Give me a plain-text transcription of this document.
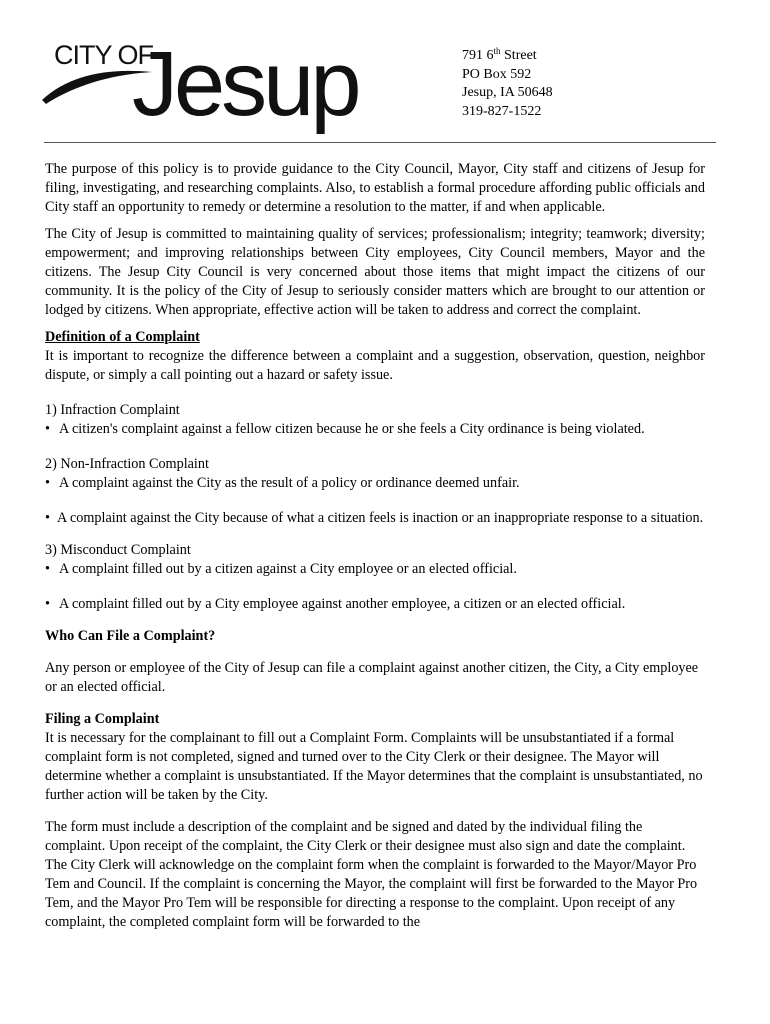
CITY OF
Jesup	791 6th Street
PO Box 592
Jesup, IA 50648
319-827-1522

The purpose of this policy is to provide guidance to the City Council, Mayor, City staff and citizens of Jesup for filing, investigating, and researching complaints. Also, to establish a formal procedure affording public officials and City staff an opportunity to remedy or determine a resolution to the matter, if and when applicable.

The City of Jesup is committed to maintaining quality of services; professionalism; integrity; teamwork; diversity; empowerment; and improving relationships between City employees, City Council members, Mayor and the citizens. The Jesup City Council is very concerned about those items that might impact the citizens of our community. It is the policy of the City of Jesup to seriously consider matters which are brought to our attention or lodged by citizens. When appropriate, effective action will be taken to address and correct the complaint.

Definition of a Complaint

It is important to recognize the difference between a complaint and a suggestion, observation, question, neighbor dispute, or simply a call pointing out a hazard or safety issue.

1) Infraction Complaint

• A citizen's complaint against a fellow citizen because he or she feels a City ordinance is being violated.

2) Non-Infraction Complaint

• A complaint against the City as the result of a policy or ordinance deemed unfair.

• A complaint against the City because of what a citizen feels is inaction or an inappropriate response to a situation.

3) Misconduct Complaint

• A complaint filled out by a citizen against a City employee or an elected official.

• A complaint filled out by a City employee against another employee, a citizen or an elected official.

Who Can File a Complaint?

Any person or employee of the City of Jesup can file a complaint against another citizen, the City, a City employee or an elected official.

Filing a Complaint

It is necessary for the complainant to fill out a Complaint Form. Complaints will be unsubstantiated if a formal complaint form is not completed, signed and turned over to the City Clerk or their designee. The Mayor will determine whether a complaint is unsubstantiated. If the Mayor determines that the complaint is unsubstantiated, no further action will be taken by the City.

The form must include a description of the complaint and be signed and dated by the individual filing the complaint. Upon receipt of the complaint, the City Clerk or their designee must also sign and date the complaint. The City Clerk will acknowledge on the complaint form when the complaint is forwarded to the Mayor/Mayor Pro Tem and Council. If the complaint is concerning the Mayor, the complaint will first be forwarded to the Mayor Pro Tem, and the Mayor Pro Tem will be responsible for directing a response to the complaint. Upon receipt of any complaint, the completed complaint form will be forwarded to the
